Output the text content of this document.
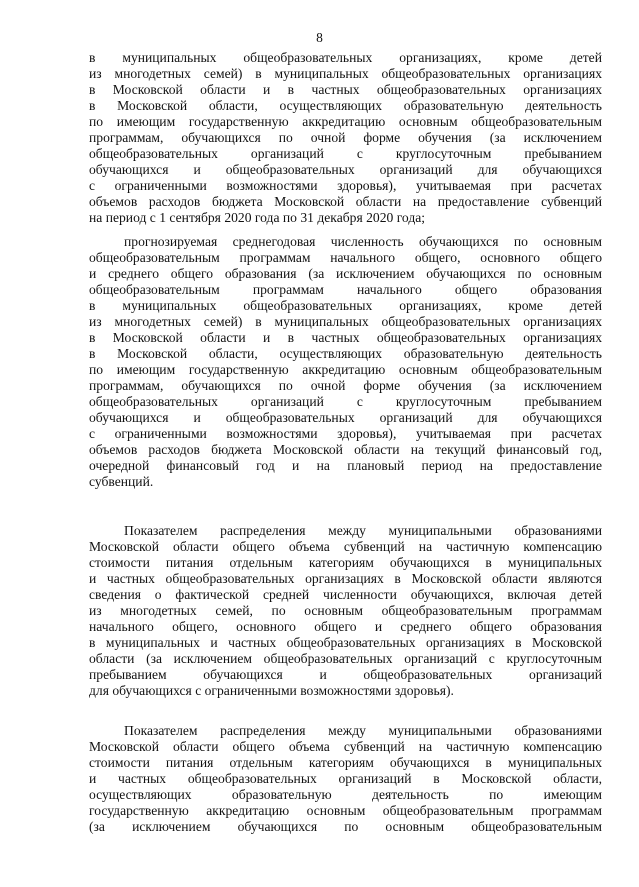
8
в муниципальных общеобразовательных организациях, кроме детей
из многодетных семей) в муниципальных общеобразовательных организациях
в Московской области и в частных общеобразовательных организациях
в Московской области, осуществляющих образовательную деятельность
по имеющим государственную аккредитацию основным общеобразовательным
программам, обучающихся по очной форме обучения (за исключением
общеобразовательных организаций с круглосуточным пребыванием
обучающихся и общеобразовательных организаций для обучающихся
с ограниченными возможностями здоровья), учитываемая при расчетах
объемов расходов бюджета Московской области на предоставление субвенций
на период с 1 сентября 2020 года по 31 декабря 2020 года;
прогнозируемая среднегодовая численность обучающихся по основным
общеобразовательным программам начального общего, основного общего
и среднего общего образования (за исключением обучающихся по основным
общеобразовательным программам начального общего образования
в муниципальных общеобразовательных организациях, кроме детей
из многодетных семей) в муниципальных общеобразовательных организациях
в Московской области и в частных общеобразовательных организациях
в Московской области, осуществляющих образовательную деятельность
по имеющим государственную аккредитацию основным общеобразовательным
программам, обучающихся по очной форме обучения (за исключением
общеобразовательных организаций с круглосуточным пребыванием
обучающихся и общеобразовательных организаций для обучающихся
с ограниченными возможностями здоровья), учитываемая при расчетах
объемов расходов бюджета Московской области на текущий финансовый год,
очередной финансовый год и на плановый период на предоставление
субвенций.
Показателем распределения между муниципальными образованиями
Московской области общего объема субвенций на частичную компенсацию
стоимости питания отдельным категориям обучающихся в муниципальных
и частных общеобразовательных организациях в Московской области являются
сведения о фактической средней численности обучающихся, включая детей
из многодетных семей, по основным общеобразовательным программам
начального общего, основного общего и среднего общего образования
в муниципальных и частных общеобразовательных организациях в Московской
области (за исключением общеобразовательных организаций с круглосуточным
пребыванием обучающихся и общеобразовательных организаций
для обучающихся с ограниченными возможностями здоровья).
Показателем распределения между муниципальными образованиями
Московской области общего объема субвенций на частичную компенсацию
стоимости питания отдельным категориям обучающихся в муниципальных
и частных общеобразовательных организаций в Московской области,
осуществляющих образовательную деятельность по имеющим
государственную аккредитацию основным общеобразовательным программам
(за исключением обучающихся по основным общеобразовательным
